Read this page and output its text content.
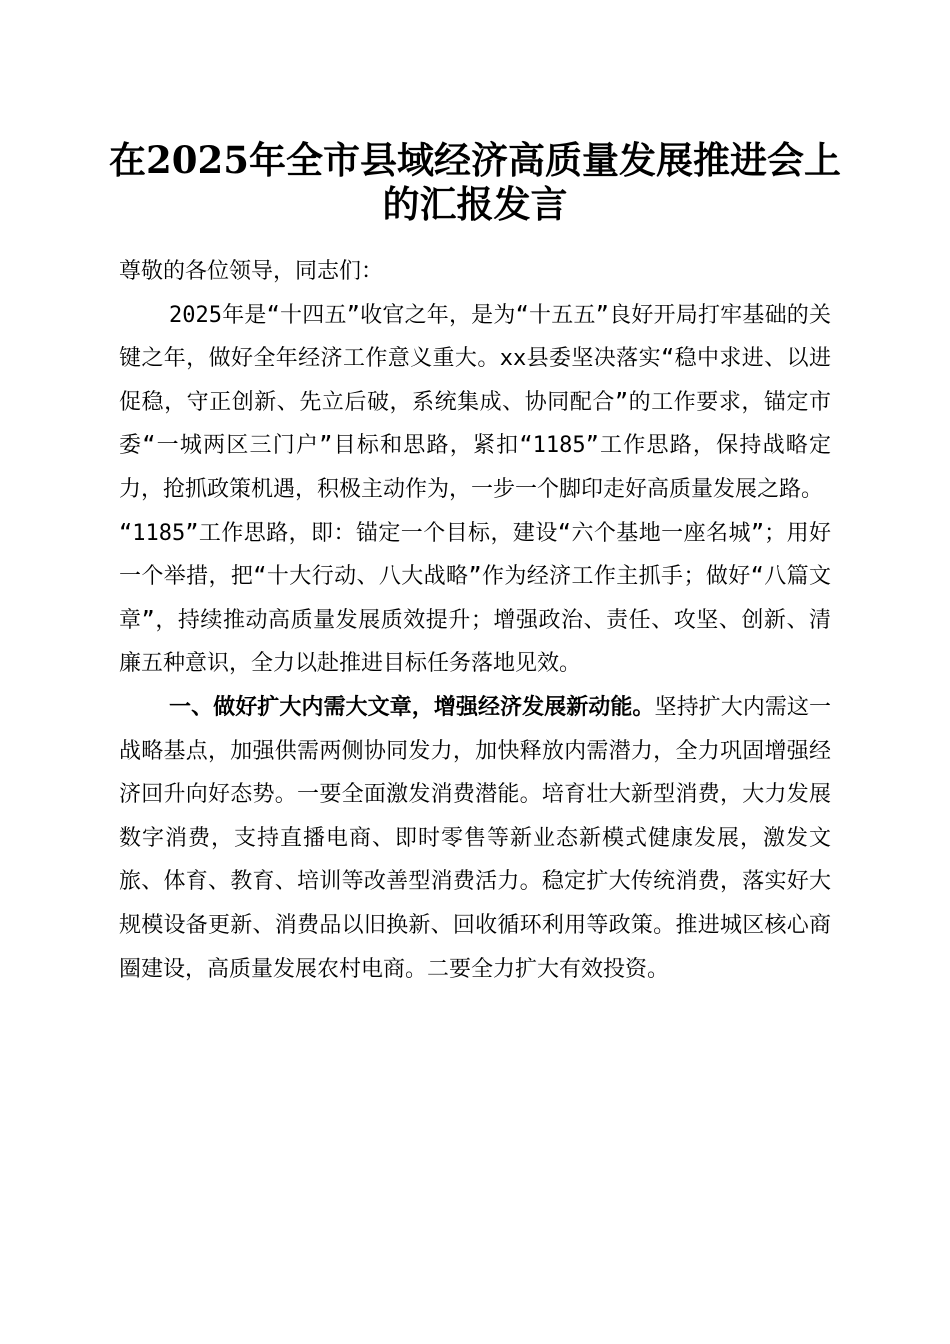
在2025年全市县域经济高质量发展推进会上的汇报发言

尊敬的各位领导，同志们：

2025年是“十四五”收官之年，是为“十五五”良好开局打牢基础的关键之年，做好全年经济工作意义重大。xx县委坚决落实“稳中求进、以进促稳，守正创新、先立后破，系统集成、协同配合”的工作要求，锚定市委“一城两区三门户”目标和思路，紧扣“1185”工作思路，保持战略定力，抢抓政策机遇，积极主动作为，一步一个脚印走好高质量发展之路。

“1185”工作思路，即：锚定一个目标，建设“六个基地一座名城”；用好一个举措，把“十大行动、八大战略”作为经济工作主抓手；做好“八篇文章”，持续推动高质量发展质效提升；增强政治、责任、攻坚、创新、清廉五种意识，全力以赴推进目标任务落地见效。

一、做好扩大内需大文章，增强经济发展新动能。坚持扩大内需这一战略基点，加强供需两侧协同发力，加快释放内需潜力，全力巩固增强经济回升向好态势。一要全面激发消费潜能。培育壮大新型消费，大力发展数字消费，支持直播电商、即时零售等新业态新模式健康发展，激发文旅、体育、教育、培训等改善型消费活力。稳定扩大传统消费，落实好大规模设备更新、消费品以旧换新、回收循环利用等政策。推进城区核心商圈建设，高质量发展农村电商。二要全力扩大有效投资。
